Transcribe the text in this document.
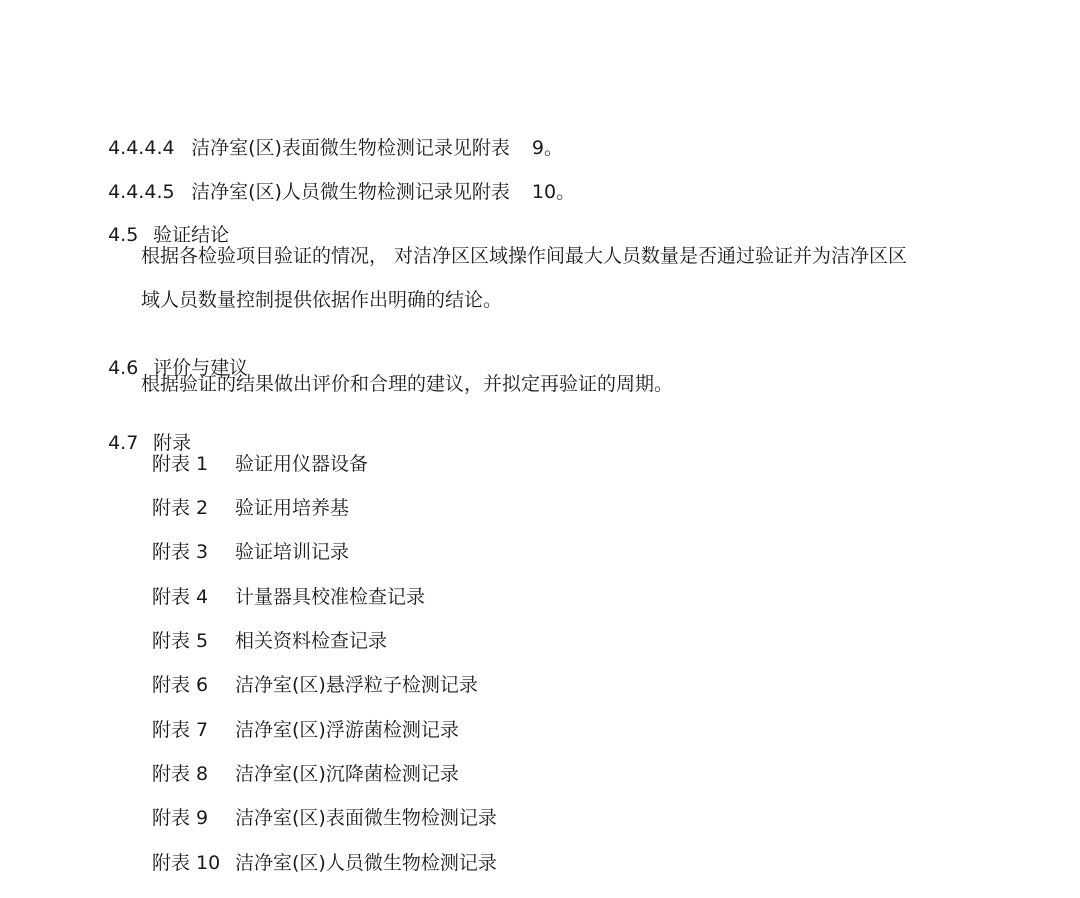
4.4.4.4 洁净室(区)表面微生物检测记录见附表 9。

4.4.4.5 洁净室(区)人员微生物检测记录见附表 10。

4.5 验证结论

根据各检验项目验证的情况， 对洁净区区域操作间最大人员数量是否通过验证并为洁净区区
域人员数量控制提供依据作出明确的结论。

4.6 评价与建议

根据验证的结果做出评价和合理的建议，并拟定再验证的周期。

4.7 附录

附表 1 验证用仪器设备
附表 2 验证用培养基
附表 3 验证培训记录
附表 4 计量器具校准检查记录
附表 5 相关资料检查记录
附表 6 洁净室(区)悬浮粒子检测记录
附表 7 洁净室(区)浮游菌检测记录
附表 8 洁净室(区)沉降菌检测记录
附表 9 洁净室(区)表面微生物检测记录
附表 10 洁净室(区)人员微生物检测记录
